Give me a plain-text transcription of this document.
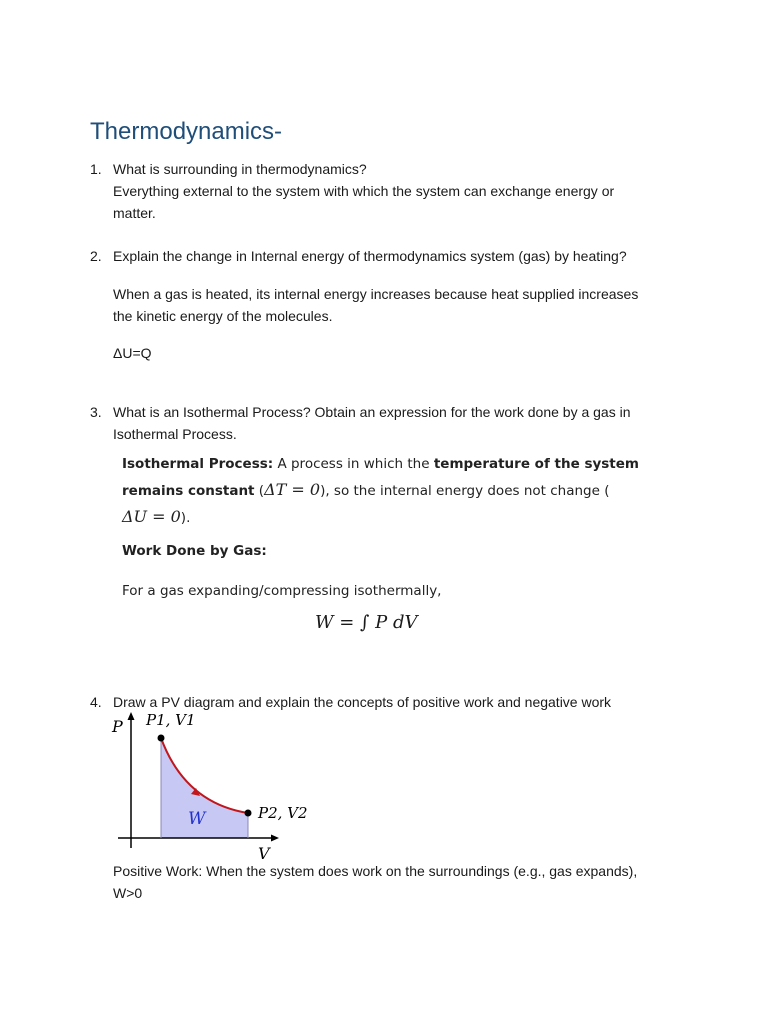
Thermodynamics-
1. What is surrounding in thermodynamics?
Everything external to the system with which the system can exchange energy or
matter.
2. Explain the change in Internal energy of thermodynamics system (gas) by heating?
When a gas is heated, its internal energy increases because heat supplied increases
the kinetic energy of the molecules.
ΔU=Q
3. What is an Isothermal Process? Obtain an expression for the work done by a gas in
Isothermal Process.
Isothermal Process: A process in which the temperature of the system
remains constant (ΔT = 0), so the internal energy does not change (
ΔU = 0).
Work Done by Gas:
For a gas expanding/compressing isothermally,
W = ∫ P dV
4. Draw a PV diagram and explain the concepts of positive work and negative work
P
V
P1, V1
P2, V2
W
Positive Work: When the system does work on the surroundings (e.g., gas expands),
W>0
